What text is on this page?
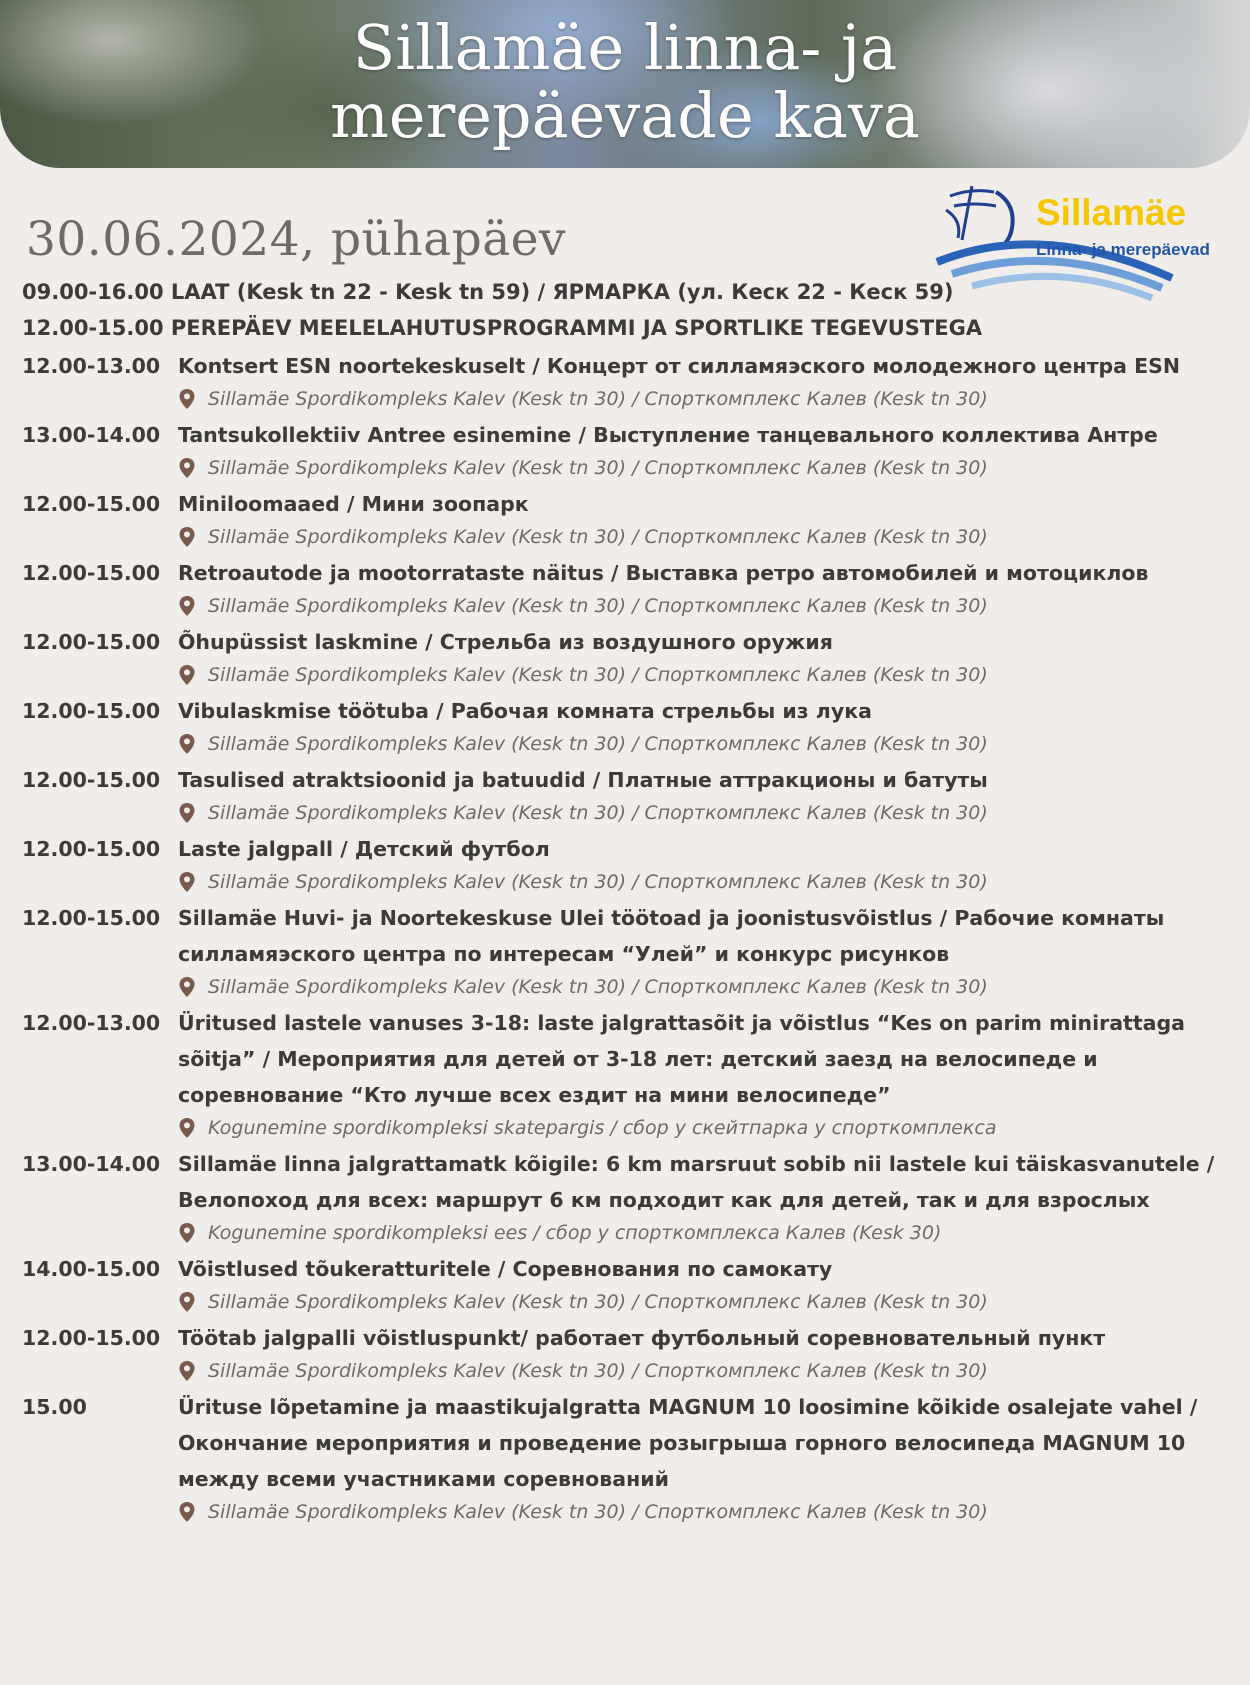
Sillamäe linna- ja
merepäevade kava
Sillamäe
Linna- ja merepäevad
30.06.2024, pühapäev
09.00-16.00 LAAT (Kesk tn 22 - Kesk tn 59) / ЯРМАРКА (ул. Кеск 22 - Кеск 59)
12.00-15.00 PEREPÄEV MEELELAHUTUSPROGRAMMI JA SPORTLIKE TEGEVUSTEGA
12.00-13.00 Kontsert ESN noortekeskuselt / Концерт от силламяэского молодежного центра ESN
Sillamäe Spordikompleks Kalev (Kesk tn 30) / Спорткомплекс Калев (Kesk tn 30)
13.00-14.00 Tantsukollektiiv Antree esinemine / Выступление танцевального коллектива Антре
Sillamäe Spordikompleks Kalev (Kesk tn 30) / Спорткомплекс Калев (Kesk tn 30)
12.00-15.00 Miniloomaaed / Мини зоопарк
Sillamäe Spordikompleks Kalev (Kesk tn 30) / Спорткомплекс Калев (Kesk tn 30)
12.00-15.00 Retroautode ja mootorrataste näitus / Выставка ретро автомобилей и мотоциклов
Sillamäe Spordikompleks Kalev (Kesk tn 30) / Спорткомплекс Калев (Kesk tn 30)
12.00-15.00 Õhupüssist laskmine / Стрельба из воздушного оружия
Sillamäe Spordikompleks Kalev (Kesk tn 30) / Спорткомплекс Калев (Kesk tn 30)
12.00-15.00 Vibulaskmise töötuba / Рабочая комната стрельбы из лука
Sillamäe Spordikompleks Kalev (Kesk tn 30) / Спорткомплекс Калев (Kesk tn 30)
12.00-15.00 Tasulised atraktsioonid ja batuudid / Платные аттракционы и батуты
Sillamäe Spordikompleks Kalev (Kesk tn 30) / Спорткомплекс Калев (Kesk tn 30)
12.00-15.00 Laste jalgpall / Детский футбол
Sillamäe Spordikompleks Kalev (Kesk tn 30) / Спорткомплекс Калев (Kesk tn 30)
12.00-15.00 Sillamäe Huvi- ja Noortekeskuse Ulei töötoad ja joonistusvõistlus / Рабочие комнаты силламяэского центра по интересам “Улей” и конкурс рисунков
Sillamäe Spordikompleks Kalev (Kesk tn 30) / Спорткомплекс Калев (Kesk tn 30)
12.00-13.00 Üritused lastele vanuses 3-18: laste jalgrattasõit ja võistlus “Kes on parim minirattaga sõitja” / Мероприятия для детей от 3-18 лет: детский заезд на велосипеде и соревнование “Кто лучше всех ездит на мини велосипеде”
Kogunemine spordikompleksi skatepargis / сбор у скейтпарка у спорткомплекса
13.00-14.00 Sillamäe linna jalgrattamatk kõigile: 6 km marsruut sobib nii lastele kui täiskasvanutele / Велопоход для всех: маршрут 6 км подходит как для детей, так и для взрослых
Kogunemine spordikompleksi ees / сбор у спорткомплекса Калев (Kesk 30)
14.00-15.00 Võistlused tõukeratturitele / Соревнования по самокату
Sillamäe Spordikompleks Kalev (Kesk tn 30) / Спорткомплекс Калев (Kesk tn 30)
12.00-15.00 Töötab jalgpalli võistluspunkt/ работает футбольный соревновательный пункт
Sillamäe Spordikompleks Kalev (Kesk tn 30) / Спорткомплекс Калев (Kesk tn 30)
15.00	Ürituse lõpetamine ja maastikujalgratta MAGNUM 10 loosimine kõikide osalejate vahel / Окончание мероприятия и проведение розыгрыша горного велосипеда MAGNUM 10 между всеми участниками соревнований
Sillamäe Spordikompleks Kalev (Kesk tn 30) / Спорткомплекс Калев (Kesk tn 30)
